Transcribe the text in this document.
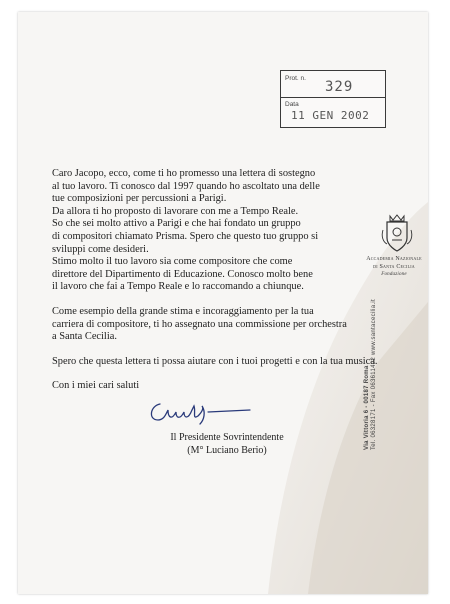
Prot. n.
329
Data
11 GEN 2002

Caro Jacopo, ecco, come ti ho promesso una lettera di sostegno
al tuo lavoro. Ti conosco dal 1997 quando ho ascoltato una delle
tue composizioni per percussioni a Parigi.
Da allora ti ho proposto di lavorare con me a Tempo Reale.
So che sei molto attivo a Parigi e che hai fondato un gruppo
di compositori chiamato Prisma. Spero che questo tuo gruppo si
sviluppi come desideri.
Stimo molto il tuo lavoro sia come compositore che come
direttore del Dipartimento di Educazione. Conosco molto bene
il lavoro che fai a Tempo Reale e lo raccomando a chiunque.

Come esempio della grande stima e incoraggiamento per la tua
carriera di compositore, ti ho assegnato una commissione per orchestra
a Santa Cecilia.

Spero che questa lettera ti possa aiutare con i tuoi progetti e con la tua musica.

Con i miei cari saluti

Il Presidente Sovrintendente
(M° Luciano Berio)
Accademia Nazionale
di Santa Cecilia
Fondazione
Via Vittoria 6 - 00187 Roma Tel. 06328171 - Fax 063611402 www.santacecilia.it
